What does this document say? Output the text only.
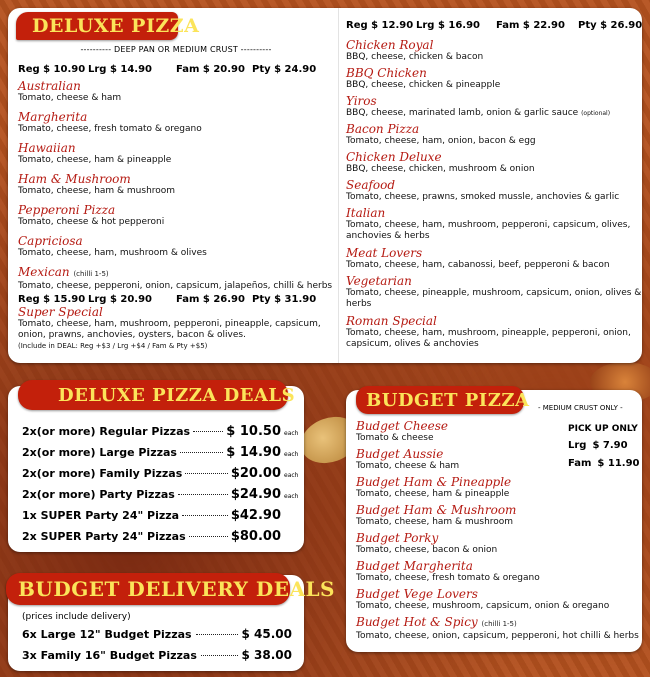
DELUXE PIZZA
---------- DEEP PAN OR MEDIUM CRUST ----------
Reg $ 10.90 Lrg $ 14.90	Fam $ 20.90 Pty $ 24.90
Australian
Tomato, cheese & ham
Margherita
Tomato, cheese, fresh tomato & oregano
Hawaiian
Tomato, cheese, ham & pineapple
Ham & Mushroom
Tomato, cheese, ham & mushroom
Pepperoni Pizza
Tomato, cheese & hot pepperoni
Capriciosa
Tomato, cheese, ham, mushroom & olives
Mexican (chilli 1-5)
Tomato, cheese, pepperoni, onion, capsicum, jalapeños, chilli & herbs
Reg $ 15.90 Lrg $ 20.90	Fam $ 26.90 Pty $ 31.90
Super Special
Tomato, cheese, ham, mushroom, pepperoni, pineapple, capsicum,
onion, prawns, anchovies, oysters, bacon & olives.
(Include in DEAL: Reg +$3 / Lrg +$4 / Fam & Pty +$5)
Reg $ 12.90 Lrg $ 16.90	Fam $ 22.90	Pty $ 26.90
Chicken Royal
BBQ, cheese, chicken & bacon
BBQ Chicken
BBQ, cheese, chicken & pineapple
Yiros
BBQ, cheese, marinated lamb, onion & garlic sauce (optional)
Bacon Pizza
Tomato, cheese, ham, onion, bacon & egg
Chicken Deluxe
BBQ, cheese, chicken, mushroom & onion
Seafood
Tomato, cheese, prawns, smoked mussle, anchovies & garlic
Italian
Tomato, cheese, ham, mushroom, pepperoni, capsicum, olives,
anchovies & herbs
Meat Lovers
Tomato, cheese, ham, cabanossi, beef, pepperoni & bacon
Vegetarian
Tomato, cheese, pineapple, mushroom, capsicum, onion, olives &
herbs
Roman Special
Tomato, cheese, ham, mushroom, pineapple, pepperoni, onion,
capsicum, olives & anchovies
DELUXE PIZZA DEALS
2x(or more) Regular Pizzas	$ 10.50 each
2x(or more) Large Pizzas	$ 14.90 each
2x(or more) Family Pizzas	$20.00 each
2x(or more) Party Pizzas	$24.90 each
1x SUPER Party 24" Pizza	$42.90
2x SUPER Party 24" Pizzas	$80.00
BUDGET DELIVERY DEALS
(prices include delivery)
6x Large 12" Budget Pizzas	$ 45.00
3x Family 16" Budget Pizzas	$ 38.00
BUDGET PIZZA - MEDIUM CRUST ONLY -
PICK UP ONLY
Lrg $ 7.90
Fam $ 11.90
Budget Cheese
Tomato & cheese
Budget Aussie
Tomato, cheese & ham
Budget Ham & Pineapple
Tomato, cheese, ham & pineapple
Budget Ham & Mushroom
Tomato, cheese, ham & mushroom
Budget Porky
Tomato, cheese, bacon & onion
Budget Margherita
Tomato, cheese, fresh tomato & oregano
Budget Vege Lovers
Tomato, cheese, mushroom, capsicum, onion & oregano
Budget Hot & Spicy (chilli 1-5)
Tomato, cheese, onion, capsicum, pepperoni, hot chilli & herbs
